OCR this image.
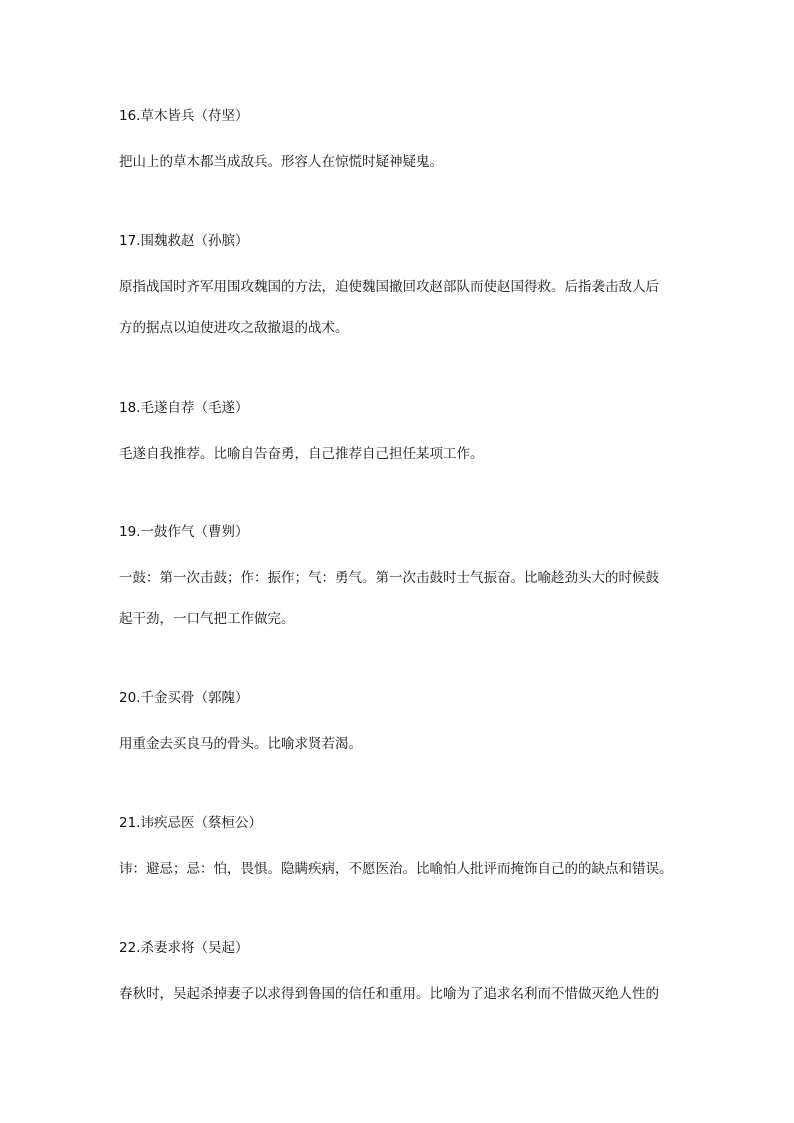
16.草木皆兵（苻坚）
把山上的草木都当成敌兵。形容人在惊慌时疑神疑鬼。
17.围魏救赵（孙膑）
原指战国时齐军用围攻魏国的方法，迫使魏国撤回攻赵部队而使赵国得救。后指袭击敌人后
方的据点以迫使进攻之敌撤退的战术。
18.毛遂自荐（毛遂）
毛遂自我推荐。比喻自告奋勇，自己推荐自己担任某项工作。
19.一鼓作气（曹刿）
一鼓：第一次击鼓；作：振作；气：勇气。第一次击鼓时士气振奋。比喻趁劲头大的时候鼓
起干劲，一口气把工作做完。
20.千金买骨（郭隗）
用重金去买良马的骨头。比喻求贤若渴。
21.讳疾忌医（蔡桓公）
讳：避忌；忌：怕，畏惧。隐瞒疾病，不愿医治。比喻怕人批评而掩饰自己的的缺点和错误。
22.杀妻求将（吴起）
春秋时，吴起杀掉妻子以求得到鲁国的信任和重用。比喻为了追求名利而不惜做灭绝人性的
